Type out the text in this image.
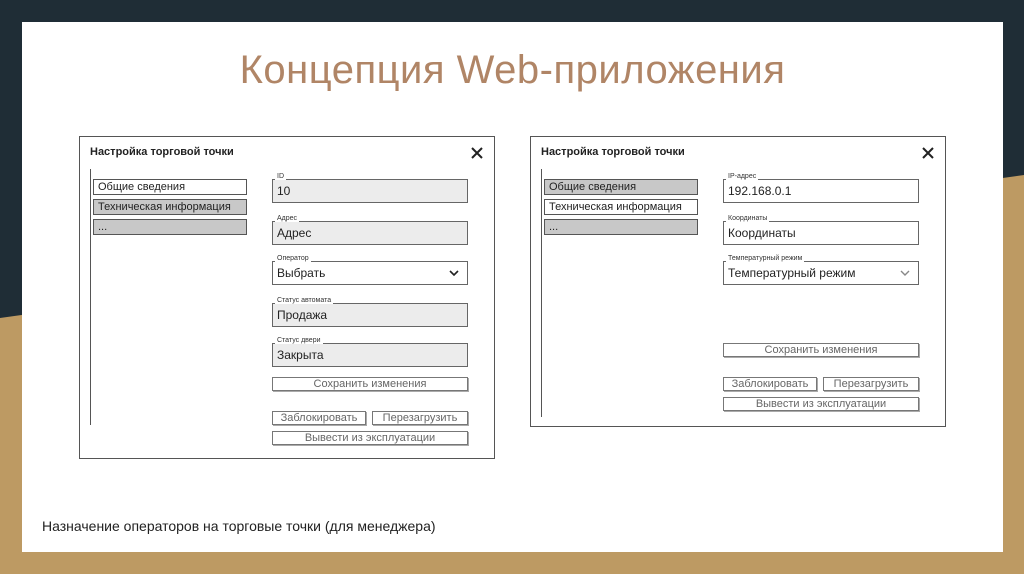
Концепция Web-приложения
Настройка торговой точки
Общие сведения
Техническая информация
...
10
ID
Адрес
Адрес
Выбрать
Оператор
Продажа
Статус автомата
Закрыта
Статус двери
Сохранить изменения
Заблокировать	Перезагрузить
Вывести из эксплуатации
Настройка торговой точки
Общие сведения
Техническая информация
...
192.168.0.1
IP-адрес
Координаты
Координаты
Температурный режим
Температурный режим
Сохранить изменения
Заблокировать	Перезагрузить
Вывести из эксплуатации
Назначение операторов на торговые точки (для менеджера)
